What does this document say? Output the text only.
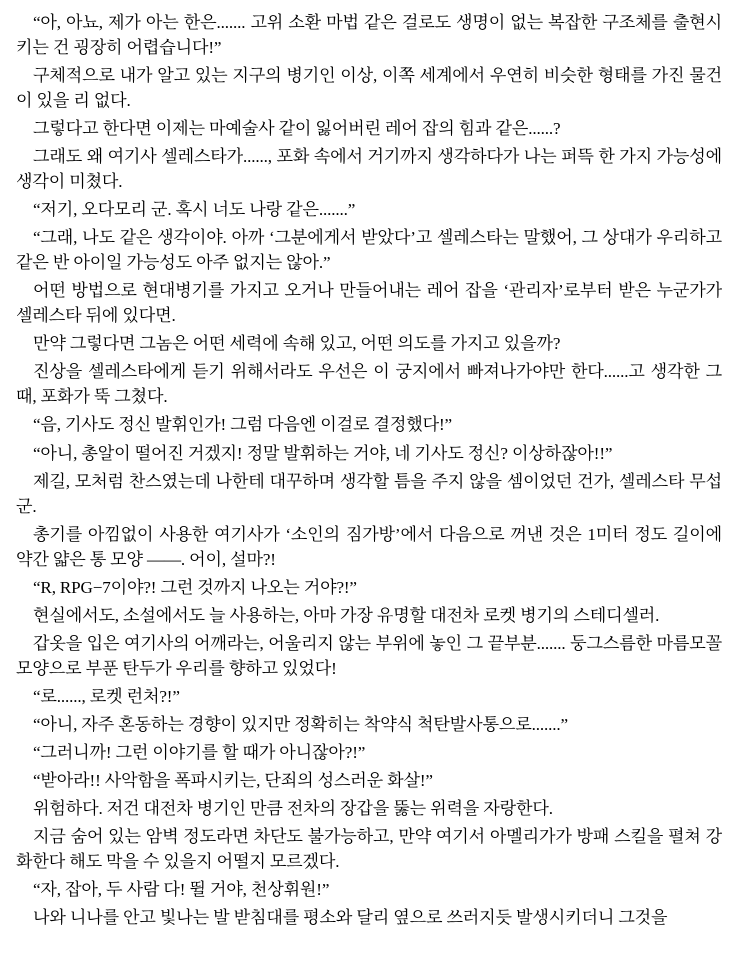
“아, 아뇨, 제가 아는 한은....... 고위 소환 마법 같은 걸로도 생명이 없는 복잡한 구조체를 출현시키는 건 굉장히 어렵습니다!”

구체적으로 내가 알고 있는 지구의 병기인 이상, 이쪽 세계에서 우연히 비슷한 형태를 가진 물건이 있을 리 없다.

그렇다고 한다면 이제는 마예술사 같이 잃어버린 레어 잡의 힘과 같은......?

그래도 왜 여기사 셀레스타가......, 포화 속에서 거기까지 생각하다가 나는 퍼뜩 한 가지 가능성에 생각이 미쳤다.

“저기, 오다모리 군. 혹시 너도 나랑 같은.......”

“그래, 나도 같은 생각이야. 아까 ‘그분에게서 받았다’고 셀레스타는 말했어, 그 상대가 우리하고 같은 반 아이일 가능성도 아주 없지는 않아.”

어떤 방법으로 현대병기를 가지고 오거나 만들어내는 레어 잡을 ‘관리자’로부터 받은 누군가가 셀레스타 뒤에 있다면.

만약 그렇다면 그놈은 어떤 세력에 속해 있고, 어떤 의도를 가지고 있을까?

진상을 셀레스타에게 듣기 위해서라도 우선은 이 궁지에서 빠져나가야만 한다......고 생각한 그때, 포화가 뚝 그쳤다.

“음, 기사도 정신 발휘인가! 그럼 다음엔 이걸로 결정했다!”

“아니, 총알이 떨어진 거겠지! 정말 발휘하는 거야, 네 기사도 정신? 이상하잖아!!”

제길, 모처럼 찬스였는데 나한테 대꾸하며 생각할 틈을 주지 않을 셈이었던 건가, 셀레스타 무섭군.

총기를 아낌없이 사용한 여기사가 ‘소인의 짐가방’에서 다음으로 꺼낸 것은 1미터 정도 길이에 약간 얇은 통 모양 ——. 어이, 설마?!

“R, RPG−7이야?! 그런 것까지 나오는 거야?!”

현실에서도, 소설에서도 늘 사용하는, 아마 가장 유명할 대전차 로켓 병기의 스테디셀러.

갑옷을 입은 여기사의 어깨라는, 어울리지 않는 부위에 놓인 그 끝부분....... 둥그스름한 마름모꼴 모양으로 부푼 탄두가 우리를 향하고 있었다!

“로......, 로켓 런처?!”

“아니, 자주 혼동하는 경향이 있지만 정확히는 착약식 척탄발사통으로.......”

“그러니까! 그런 이야기를 할 때가 아니잖아?!”

“받아라!! 사악함을 폭파시키는, 단죄의 성스러운 화살!”

위험하다. 저건 대전차 병기인 만큼 전차의 장갑을 뚫는 위력을 자랑한다.

지금 숨어 있는 암벽 정도라면 차단도 불가능하고, 만약 여기서 아멜리가가 방패 스킬을 펼쳐 강화한다 해도 막을 수 있을지 어떨지 모르겠다.

“자, 잡아, 두 사람 다! 뛸 거야, 천상휘원!”

나와 니나를 안고 빛나는 발 받침대를 평소와 달리 옆으로 쓰러지듯 발생시키더니 그것을
